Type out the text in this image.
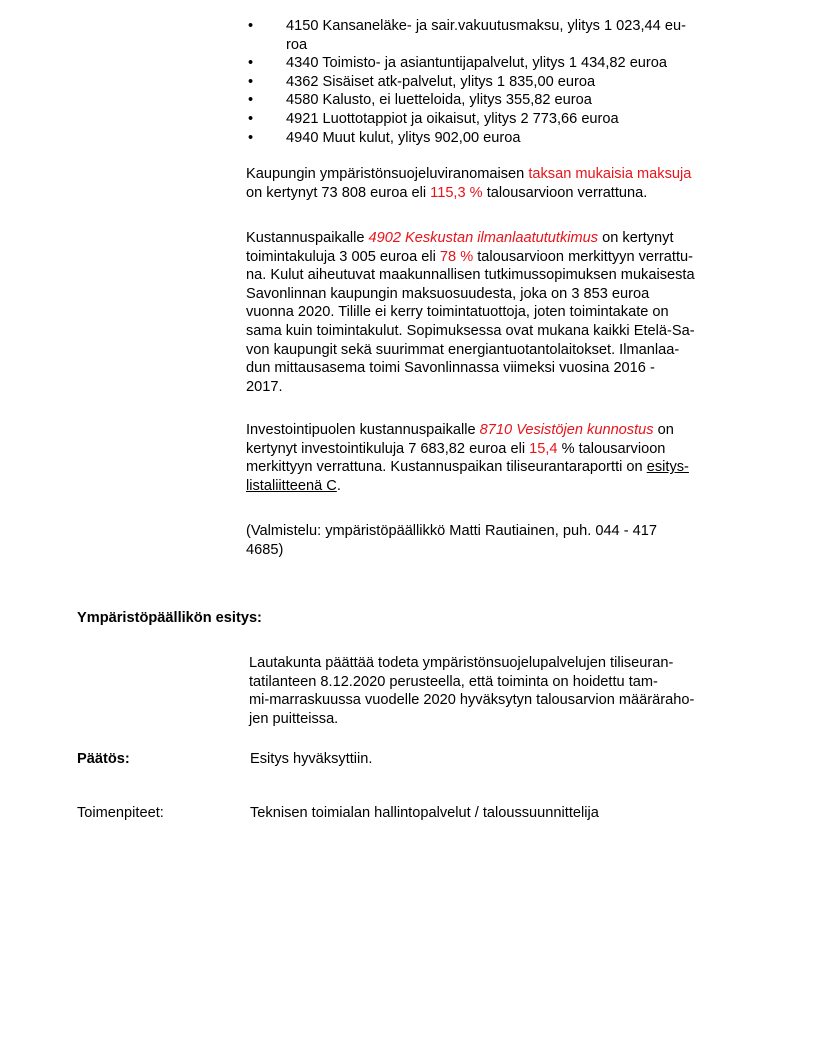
• 4150 Kansaneläke- ja sair.vakuutusmaksu, ylitys 1 023,44 eu-
roa
• 4340 Toimisto- ja asiantuntijapalvelut, ylitys 1 434,82 euroa
• 4362 Sisäiset atk-palvelut, ylitys 1 835,00 euroa
• 4580 Kalusto, ei luetteloida, ylitys 355,82 euroa
• 4921 Luottotappiot ja oikaisut, ylitys 2 773,66 euroa
• 4940 Muut kulut, ylitys 902,00 euroa
Kaupungin ympäristönsuojeluviranomaisen taksan mukaisia maksuja
on kertynyt 73 808 euroa eli 115,3 % talousarvioon verrattuna.
Kustannuspaikalle 4902 Keskustan ilmanlaatututkimus on kertynyt
toimintakuluja 3 005 euroa eli 78 % talousarvioon merkittyyn verrattu-
na. Kulut aiheutuvat maakunnallisen tutkimussopimuksen mukaisesta
Savonlinnan kaupungin maksuosuudesta, joka on 3 853 euroa
vuonna 2020. Tilille ei kerry toimintatuottoja, joten toimintakate on
sama kuin toimintakulut. Sopimuksessa ovat mukana kaikki Etelä-Sa-
von kaupungit sekä suurimmat energiantuotantolaitokset. Ilmanlaa-
dun mittausasema toimi Savonlinnassa viimeksi vuosina 2016 -
2017.
Investointipuolen kustannuspaikalle 8710 Vesistöjen kunnostus on
kertynyt investointikuluja 7 683,82 euroa eli 15,4 % talousarvioon
merkittyyn verrattuna. Kustannuspaikan tiliseurantaraportti on esitys-
listaliitteenä C.
(Valmistelu: ympäristöpäällikkö Matti Rautiainen, puh. 044 - 417
4685)
Ympäristöpäällikön esitys:
Lautakunta päättää todeta ympäristönsuojelupalvelujen tiliseuran-
tatilanteen 8.12.2020 perusteella, että toiminta on hoidettu tam-
mi-marraskuussa vuodelle 2020 hyväksytyn talousarvion määräraho-
jen puitteissa.
Päätös:	Esitys hyväksyttiin.
Toimenpiteet:	Teknisen toimialan hallintopalvelut / taloussuunnittelija
